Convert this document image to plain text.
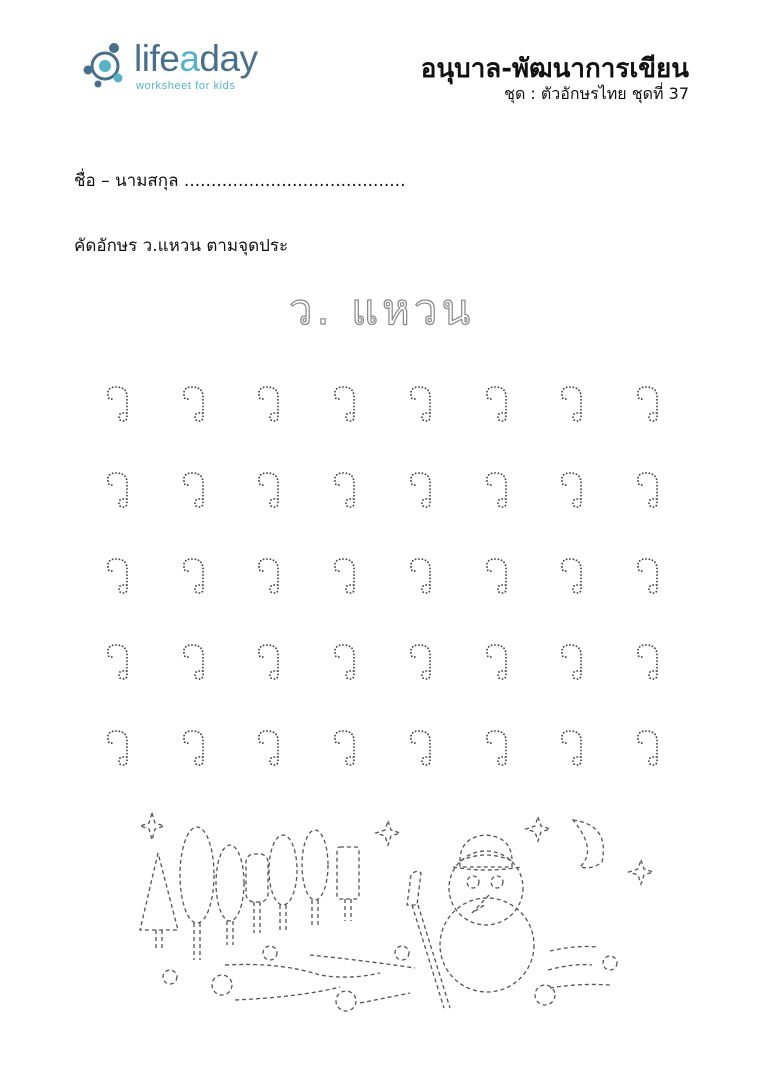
lifeaday
worksheet for kids
อนุบาล-พัฒนาการเขียน
ชุด : ตัวอักษรไทย ชุดที่ 37
ชื่อ – นามสกุล .........................................
คัดอักษร ว.แหวน ตามจุดประ
ว. แหวน
